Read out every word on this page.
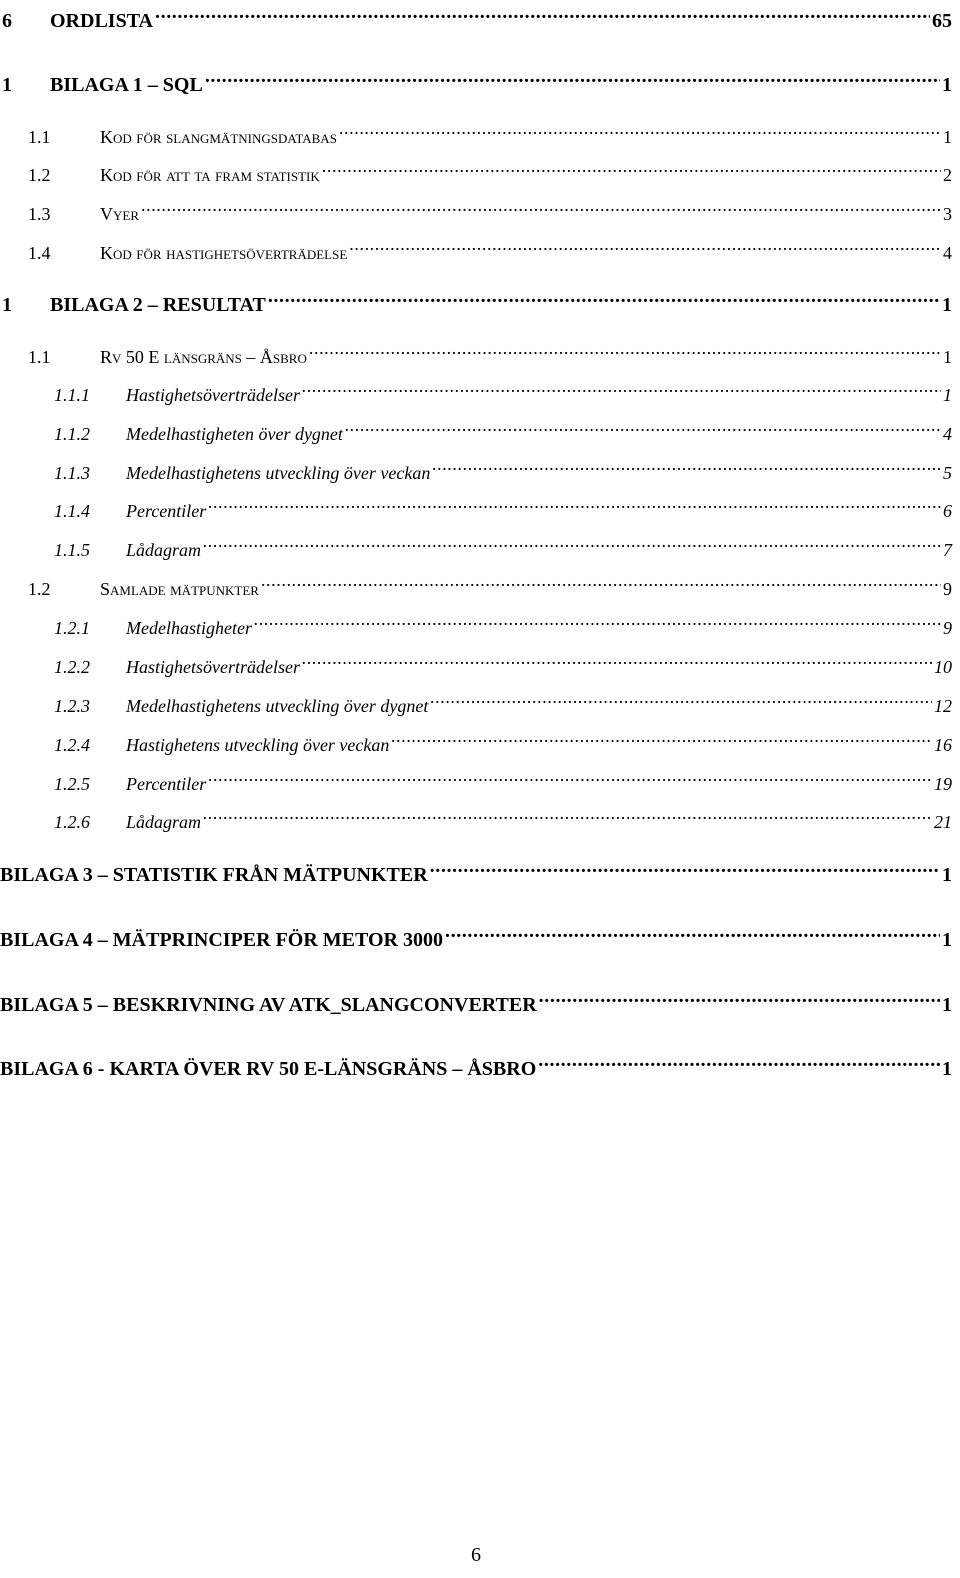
6	ORDLISTA .....	65
1	BILAGA 1 – SQL .....	1
1.1	Kod för slangmätningsdatabas .....	1
1.2	Kod för att ta fram statistik .....	2
1.3	Vyer .....	3
1.4	Kod för hastighetsöverträdelse .....	4
1	BILAGA 2 – RESULTAT .....	1
1.1	Rv 50 E länsgräns – Åsbro .....	1
1.1.1	Hastighetsöverträdelser .....	1
1.1.2	Medelhastigheten över dygnet .....	4
1.1.3	Medelhastighetens utveckling över veckan .....	5
1.1.4	Percentiler .....	6
1.1.5	Lådagram .....	7
1.2	Samlade mätpunkter .....	9
1.2.1	Medelhastigheter .....	9
1.2.2	Hastighetsöverträdelser .....	10
1.2.3	Medelhastighetens utveckling över dygnet .....	12
1.2.4	Hastighetens utveckling över veckan .....	16
1.2.5	Percentiler .....	19
1.2.6	Lådagram .....	21
BILAGA 3 – STATISTIK FRÅN MÄTPUNKTER .....	1
BILAGA 4 – MÄTPRINCIPER FÖR METOR 3000 .....	1
BILAGA 5 – BESKRIVNING AV ATK_SLANGCONVERTER .....	1
BILAGA 6 - KARTA ÖVER RV 50 E-LÄNSGRÄNS – ÅSBRO .....	1
6
